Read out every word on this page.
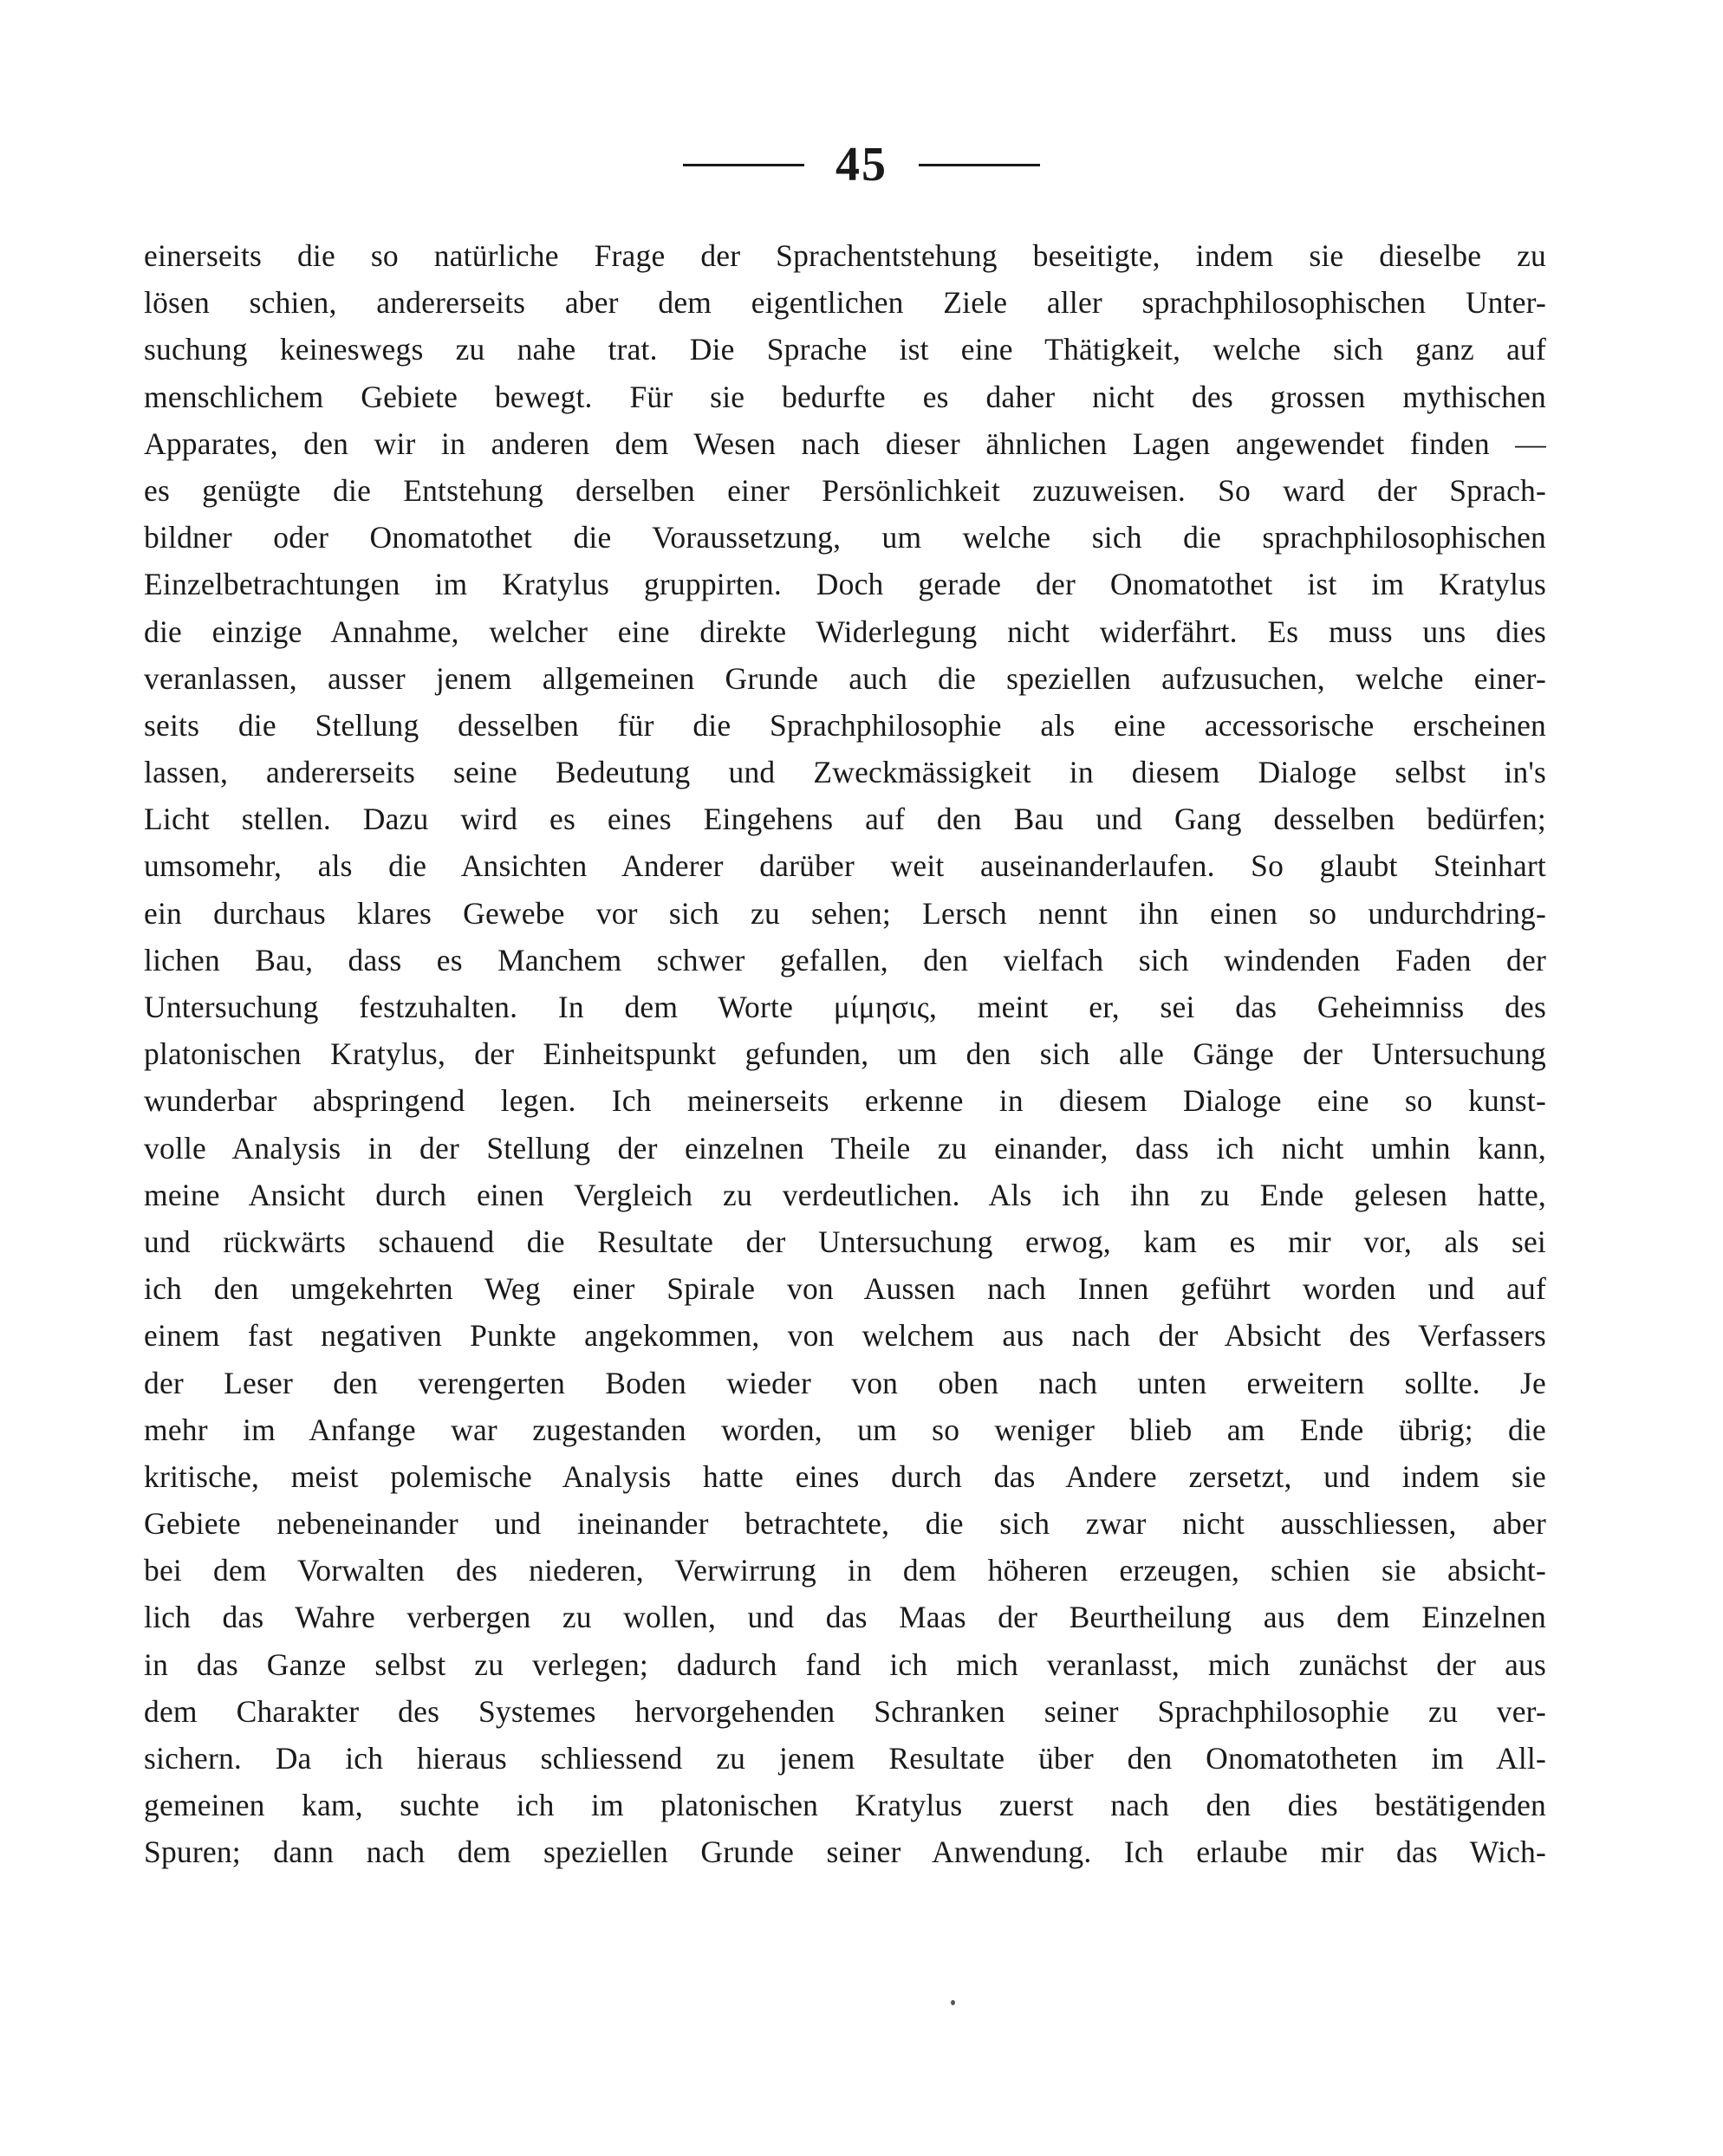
45
einerseits die so natürliche Frage der Sprachentstehung beseitigte, indem sie dieselbe zu
lösen schien, andererseits aber dem eigentlichen Ziele aller sprachphilosophischen Unter-
suchung keineswegs zu nahe trat. Die Sprache ist eine Thätigkeit, welche sich ganz auf
menschlichem Gebiete bewegt. Für sie bedurfte es daher nicht des grossen mythischen
Apparates, den wir in anderen dem Wesen nach dieser ähnlichen Lagen angewendet finden —
es genügte die Entstehung derselben einer Persönlichkeit zuzuweisen. So ward der Sprach-
bildner oder Onomatothet die Voraussetzung, um welche sich die sprachphilosophischen
Einzelbetrachtungen im Kratylus gruppirten. Doch gerade der Onomatothet ist im Kratylus
die einzige Annahme, welcher eine direkte Widerlegung nicht widerfährt. Es muss uns dies
veranlassen, ausser jenem allgemeinen Grunde auch die speziellen aufzusuchen, welche einer-
seits die Stellung desselben für die Sprachphilosophie als eine accessorische erscheinen
lassen, andererseits seine Bedeutung und Zweckmässigkeit in diesem Dialoge selbst in's
Licht stellen. Dazu wird es eines Eingehens auf den Bau und Gang desselben bedürfen;
umsomehr, als die Ansichten Anderer darüber weit auseinanderlaufen. So glaubt Steinhart
ein durchaus klares Gewebe vor sich zu sehen; Lersch nennt ihn einen so undurchdring-
lichen Bau, dass es Manchem schwer gefallen, den vielfach sich windenden Faden der
Untersuchung festzuhalten. In dem Worte μίμησις, meint er, sei das Geheimniss des
platonischen Kratylus, der Einheitspunkt gefunden, um den sich alle Gänge der Untersuchung
wunderbar abspringend legen. Ich meinerseits erkenne in diesem Dialoge eine so kunst-
volle Analysis in der Stellung der einzelnen Theile zu einander, dass ich nicht umhin kann,
meine Ansicht durch einen Vergleich zu verdeutlichen. Als ich ihn zu Ende gelesen hatte,
und rückwärts schauend die Resultate der Untersuchung erwog, kam es mir vor, als sei
ich den umgekehrten Weg einer Spirale von Aussen nach Innen geführt worden und auf
einem fast negativen Punkte angekommen, von welchem aus nach der Absicht des Verfassers
der Leser den verengerten Boden wieder von oben nach unten erweitern sollte. Je
mehr im Anfange war zugestanden worden, um so weniger blieb am Ende übrig; die
kritische, meist polemische Analysis hatte eines durch das Andere zersetzt, und indem sie
Gebiete nebeneinander und ineinander betrachtete, die sich zwar nicht ausschliessen, aber
bei dem Vorwalten des niederen, Verwirrung in dem höheren erzeugen, schien sie absicht-
lich das Wahre verbergen zu wollen, und das Maas der Beurtheilung aus dem Einzelnen
in das Ganze selbst zu verlegen; dadurch fand ich mich veranlasst, mich zunächst der aus
dem Charakter des Systemes hervorgehenden Schranken seiner Sprachphilosophie zu ver-
sichern. Da ich hieraus schliessend zu jenem Resultate über den Onomatotheten im All-
gemeinen kam, suchte ich im platonischen Kratylus zuerst nach den dies bestätigenden
Spuren; dann nach dem speziellen Grunde seiner Anwendung. Ich erlaube mir das Wich-
